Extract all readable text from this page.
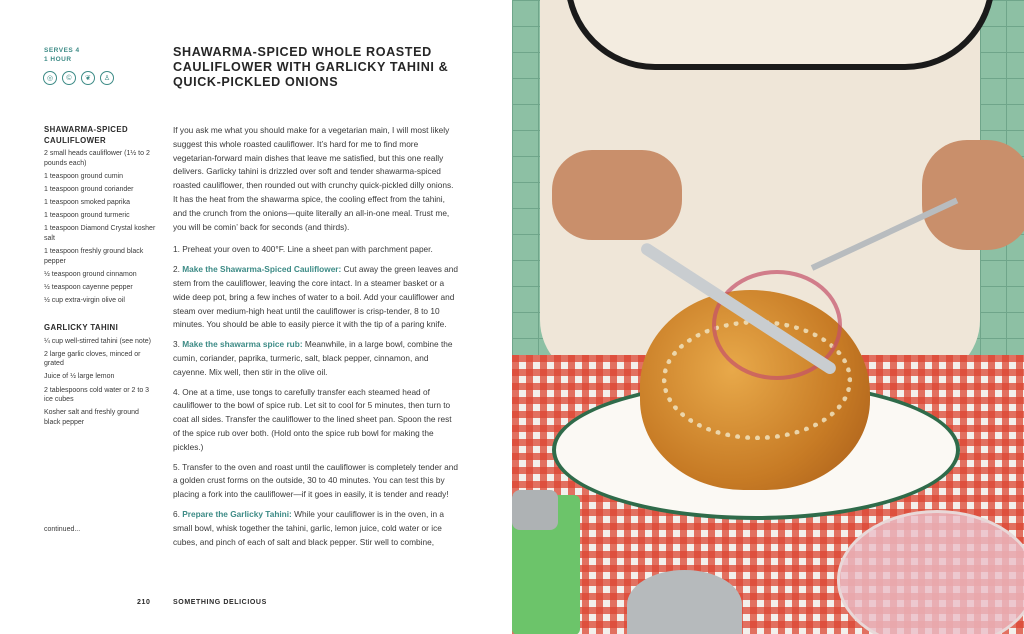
SERVES 4
1 HOUR
◎	©	❦	♙
SHAWARMA-SPICED WHOLE ROASTED CAULIFLOWER WITH GARLICKY TAHINI & QUICK-PICKLED ONIONS
SHAWARMA-SPICED CAULIFLOWER
2 small heads cauliflower (1½ to 2 pounds each)
1 teaspoon ground cumin
1 teaspoon ground coriander
1 teaspoon smoked paprika
1 teaspoon ground turmeric
1 teaspoon Diamond Crystal kosher salt
1 teaspoon freshly ground black pepper
½ teaspoon ground cinnamon
½ teaspoon cayenne pepper
½ cup extra-virgin olive oil
GARLICKY TAHINI
¼ cup well-stirred tahini (see note)
2 large garlic cloves, minced or grated
Juice of ½ large lemon
2 tablespoons cold water or 2 to 3 ice cubes
Kosher salt and freshly ground black pepper
continued...

If you ask me what you should make for a vegetarian main, I will most likely suggest this whole roasted cauliflower. It’s hard for me to find more vegetarian-forward main dishes that leave me satisfied, but this one really delivers. Garlicky tahini is drizzled over soft and tender shawarma-spiced roasted cauliflower, then rounded out with crunchy quick-pickled dilly onions. It has the heat from the shawarma spice, the cooling effect from the tahini, and the crunch from the onions—quite literally an all-in-one meal. Trust me, you will be comin’ back for seconds (and thirds).

1. Preheat your oven to 400°F. Line a sheet pan with parchment paper.

2. Make the Shawarma-Spiced Cauliflower: Cut away the green leaves and stem from the cauliflower, leaving the core intact. In a steamer basket or a wide deep pot, bring a few inches of water to a boil. Add your cauliflower and steam over medium-high heat until the cauliflower is crisp-tender, 8 to 10 minutes. You should be able to easily pierce it with the tip of a paring knife.

3. Make the shawarma spice rub: Meanwhile, in a large bowl, combine the cumin, coriander, paprika, turmeric, salt, black pepper, cinnamon, and cayenne. Mix well, then stir in the olive oil.

4. One at a time, use tongs to carefully transfer each steamed head of cauliflower to the bowl of spice rub. Let sit to cool for 5 minutes, then turn to coat all sides. Transfer the cauliflower to the lined sheet pan. Spoon the rest of the spice rub over both. (Hold onto the spice rub bowl for making the pickles.)

5. Transfer to the oven and roast until the cauliflower is completely tender and a golden crust forms on the outside, 30 to 40 minutes. You can test this by placing a fork into the cauliflower—if it goes in easily, it is tender and ready!

6. Prepare the Garlicky Tahini: While your cauliflower is in the oven, in a small bowl, whisk together the tahini, garlic, lemon juice, cold water or ice cubes, and pinch of each of salt and black pepper. Stir well to combine,

210	SOMETHING DELICIOUS
